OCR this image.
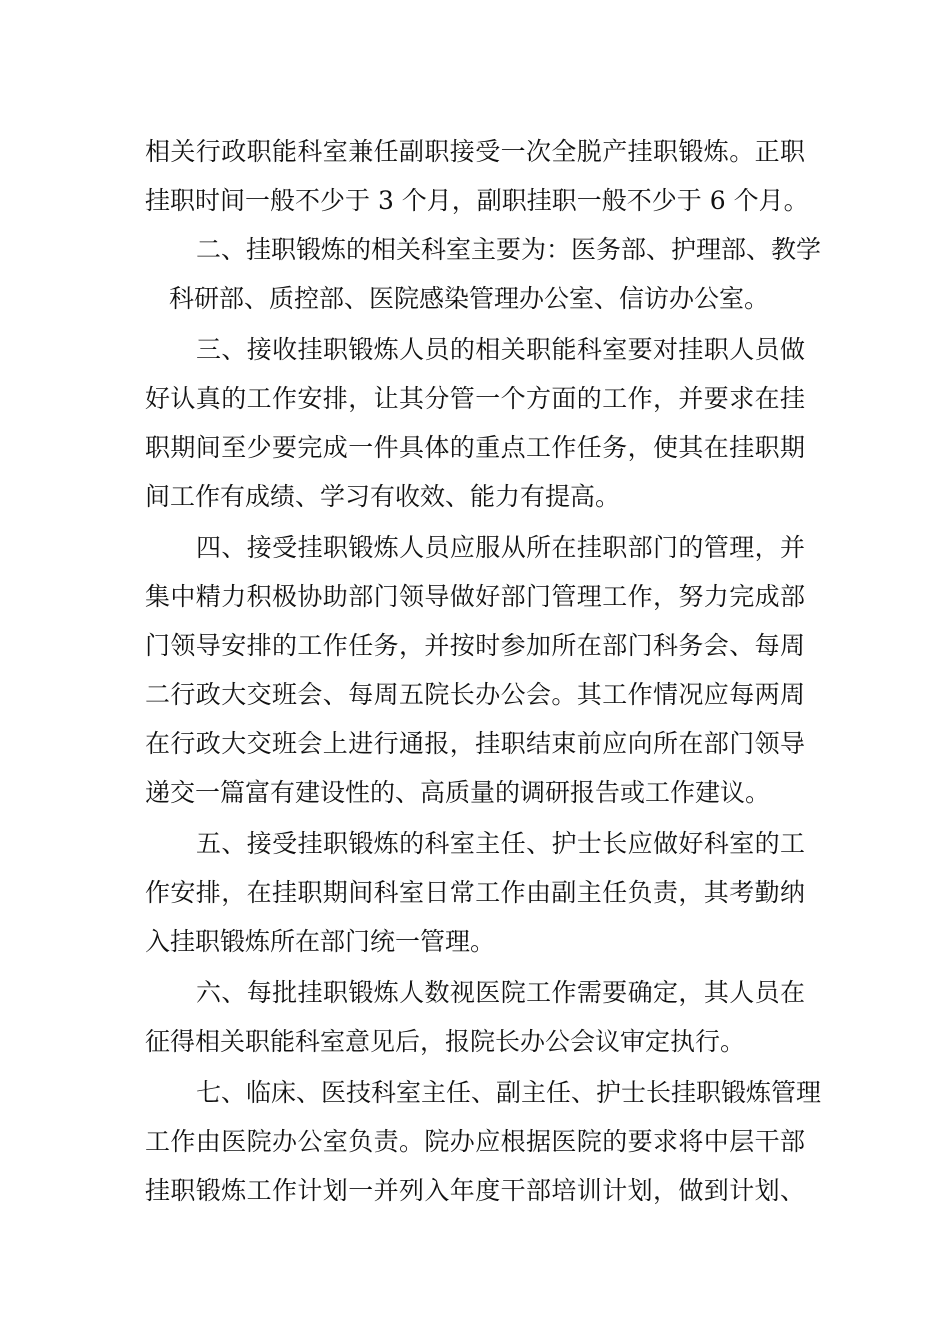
相关行政职能科室兼任副职接受一次全脱产挂职锻炼。正职

挂职时间一般不少于 3 个月，副职挂职一般不少于 6 个月。

二、挂职锻炼的相关科室主要为：医务部、护理部、教学

科研部、质控部、医院感染管理办公室、信访办公室。

三、接收挂职锻炼人员的相关职能科室要对挂职人员做

好认真的工作安排，让其分管一个方面的工作，并要求在挂

职期间至少要完成一件具体的重点工作任务，使其在挂职期

间工作有成绩、学习有收效、能力有提高。

四、接受挂职锻炼人员应服从所在挂职部门的管理，并

集中精力积极协助部门领导做好部门管理工作，努力完成部

门领导安排的工作任务，并按时参加所在部门科务会、每周

二行政大交班会、每周五院长办公会。其工作情况应每两周

在行政大交班会上进行通报，挂职结束前应向所在部门领导

递交一篇富有建设性的、高质量的调研报告或工作建议。

五、接受挂职锻炼的科室主任、护士长应做好科室的工

作安排，在挂职期间科室日常工作由副主任负责，其考勤纳

入挂职锻炼所在部门统一管理。

六、每批挂职锻炼人数视医院工作需要确定，其人员在

征得相关职能科室意见后，报院长办公会议审定执行。

七、临床、医技科室主任、副主任、护士长挂职锻炼管理

工作由医院办公室负责。院办应根据医院的要求将中层干部

挂职锻炼工作计划一并列入年度干部培训计划，做到计划、
